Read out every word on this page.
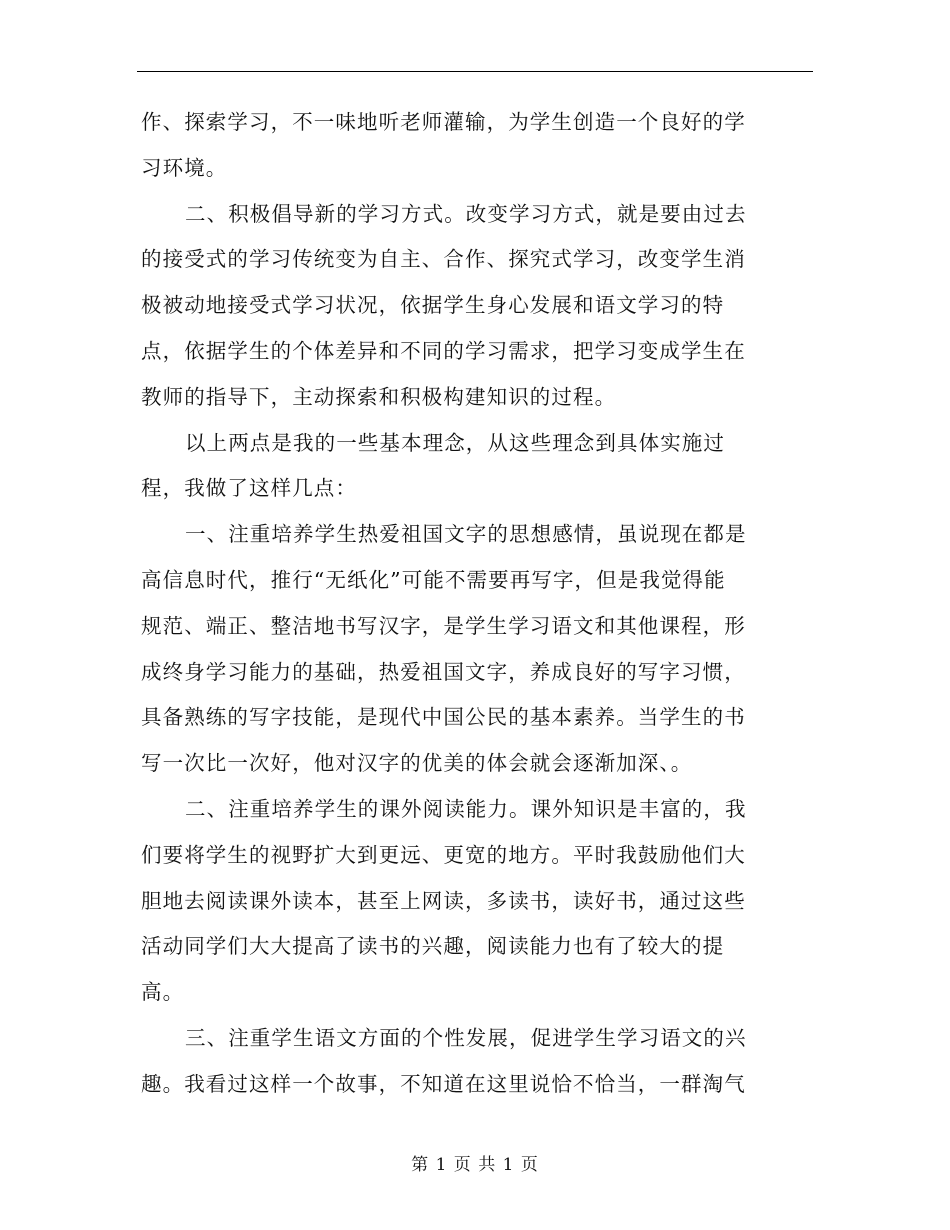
作、探索学习，不一味地听老师灌输，为学生创造一个良好的学
习环境。
二、积极倡导新的学习方式。改变学习方式，就是要由过去
的接受式的学习传统变为自主、合作、探究式学习，改变学生消
极被动地接受式学习状况，依据学生身心发展和语文学习的特
点，依据学生的个体差异和不同的学习需求，把学习变成学生在
教师的指导下，主动探索和积极构建知识的过程。
以上两点是我的一些基本理念，从这些理念到具体实施过
程，我做了这样几点：
一、注重培养学生热爱祖国文字的思想感情，虽说现在都是
高信息时代，推行“无纸化”可能不需要再写字，但是我觉得能
规范、端正、整洁地书写汉字，是学生学习语文和其他课程，形
成终身学习能力的基础，热爱祖国文字，养成良好的写字习惯，
具备熟练的写字技能，是现代中国公民的基本素养。当学生的书
写一次比一次好，他对汉字的优美的体会就会逐渐加深、。
二、注重培养学生的课外阅读能力。课外知识是丰富的，我
们要将学生的视野扩大到更远、更宽的地方。平时我鼓励他们大
胆地去阅读课外读本，甚至上网读，多读书，读好书，通过这些
活动同学们大大提高了读书的兴趣，阅读能力也有了较大的提
高。
三、注重学生语文方面的个性发展，促进学生学习语文的兴
趣。我看过这样一个故事，不知道在这里说恰不恰当，一群淘气
第 1 页 共 1 页
